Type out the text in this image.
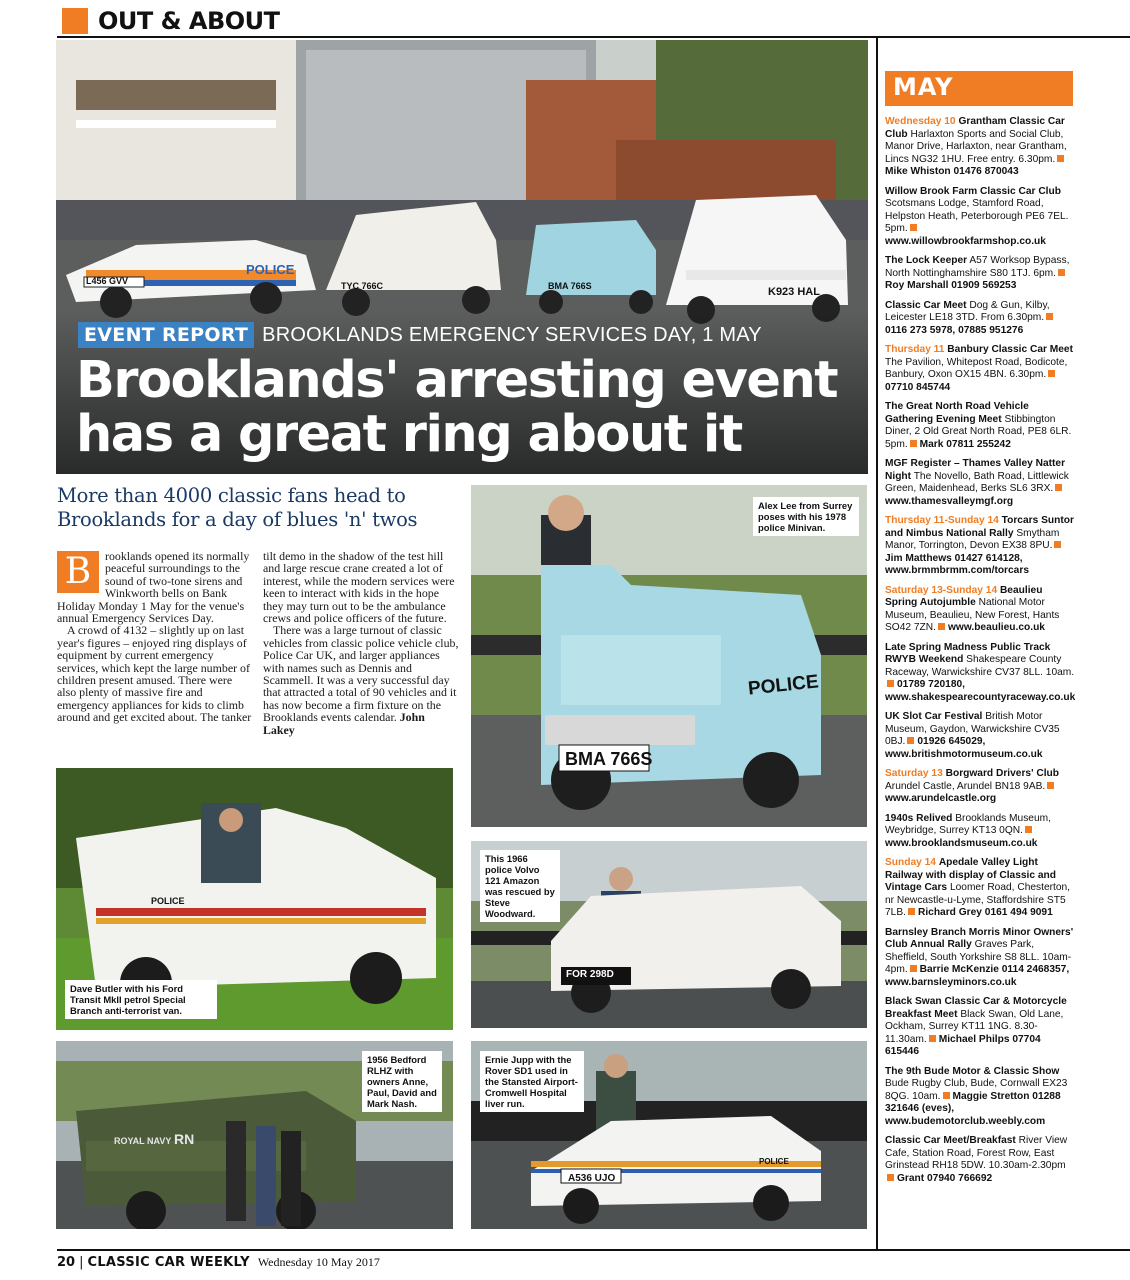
OUT & ABOUT
L456 GVV	TYC 766C	BMA 766S	K923 HAL
POLICE
EVENT REPORT BROOKLANDS EMERGENCY SERVICES DAY, 1 MAY
Brooklands' arresting event
has a great ring about it
More than 4000 classic fans head to Brooklands for a day of blues 'n' twos

B	rooklands opened its normally peaceful surroundings to the sound of two-tone sirens and Winkworth bells on Bank Holiday Monday 1 May for the venue's annual Emergency Services Day.

A crowd of 4132 – slightly up on last year's figures – enjoyed ring displays of equipment by current emergency services, which kept the large number of children present amused. There were also plenty of massive fire and emergency appliances for kids to climb around and get excited about. The tanker

tilt demo in the shadow of the test hill and large rescue crane created a lot of interest, while the modern services were keen to interact with kids in the hope they may turn out to be the ambulance crews and police officers of the future.

There was a large turnout of classic vehicles from classic police vehicle club, Police Car UK, and larger appliances with names such as Dennis and Scammell. It was a very successful day that attracted a total of 90 vehicles and it has now become a firm fixture on the Brooklands events calendar. John Lakey

POLICE
BMA 766S
Alex Lee from Surrey poses with his 1978 police Minivan.
POLICE
Dave Butler with his Ford Transit MkII petrol Special Branch anti-terrorist van.
FOR 298D
This 1966 police Volvo 121 Amazon was rescued by Steve Woodward.
ROYAL NAVY RN
1956 Bedford RLHZ with owners Anne, Paul, David and Mark Nash.
A536 UJO
POLICE
Ernie Jupp with the Rover SD1 used in the Stansted Airport-Cromwell Hospital liver run.
MAY
Wednesday 10 Grantham Classic Car Club Harlaxton Sports and Social Club, Manor Drive, Harlaxton, near Grantham, Lincs NG32 1HU. Free entry. 6.30pm.Mike Whiston 01476 870043
Willow Brook Farm Classic Car Club Scotsmans Lodge, Stamford Road, Helpston Heath, Peterborough PE6 7EL. 5pm.www.willowbrookfarmshop.co.uk
The Lock Keeper A57 Worksop Bypass, North Nottinghamshire S80 1TJ. 6pm.Roy Marshall 01909 569253
Classic Car Meet Dog & Gun, Kilby, Leicester LE18 3TD. From 6.30pm.0116 273 5978, 07885 951276
Thursday 11 Banbury Classic Car Meet The Pavilion, Whitepost Road, Bodicote, Banbury, Oxon OX15 4BN. 6.30pm.07710 845744
The Great North Road Vehicle Gathering Evening Meet Stibbington Diner, 2 Old Great North Road, PE8 6LR. 5pm. Mark 07811 255242
MGF Register – Thames Valley Natter Night The Novello, Bath Road, Littlewick Green, Maidenhead, Berks SL6 3RX.www.thamesvalleymgf.org
Thursday 11-Sunday 14 Torcars Suntor and Nimbus National Rally Smytham Manor, Torrington, Devon EX38 8PU.Jim Matthews 01427 614128, www.brmmbrmm.com/torcars
Saturday 13-Sunday 14 Beaulieu Spring Autojumble National Motor Museum, Beaulieu, New Forest, Hants SO42 7ZN. www.beaulieu.co.uk
Late Spring Madness Public Track RWYB Weekend Shakespeare County Raceway, Warwickshire CV37 8LL. 10am.01789 720180, www.shakespearecountyraceway.co.uk
UK Slot Car Festival British Motor Museum, Gaydon, Warwickshire CV35 0BJ. 01926 645029, www.britishmotormuseum.co.uk
Saturday 13 Borgward Drivers' Club Arundel Castle, Arundel BN18 9AB.www.arundelcastle.org
1940s Relived Brooklands Museum, Weybridge, Surrey KT13 0QN.www.brooklandsmuseum.co.uk
Sunday 14 Apedale Valley Light Railway with display of Classic and Vintage Cars Loomer Road, Chesterton, nr Newcastle-u-Lyme, Staffordshire ST5 7LB. Richard Grey 0161 494 9091
Barnsley Branch Morris Minor Owners' Club Annual Rally Graves Park, Sheffield, South Yorkshire S8 8LL. 10am-4pm. Barrie McKenzie 0114 2468357, www.barnsleyminors.co.uk
Black Swan Classic Car & Motorcycle Breakfast Meet Black Swan, Old Lane, Ockham, Surrey KT11 1NG. 8.30-11.30am. Michael Philps 07704 615446
The 9th Bude Motor & Classic Show Bude Rugby Club, Bude, Cornwall EX23 8QG. 10am. Maggie Stretton 01288 321646 (eves), www.budemotorclub.weebly.com
Classic Car Meet/Breakfast River View Cafe, Station Road, Forest Row, East Grinstead RH18 5DW. 10.30am-2.30pmGrant 07940 766692
20 | CLASSIC CAR WEEKLY Wednesday 10 May 2017
